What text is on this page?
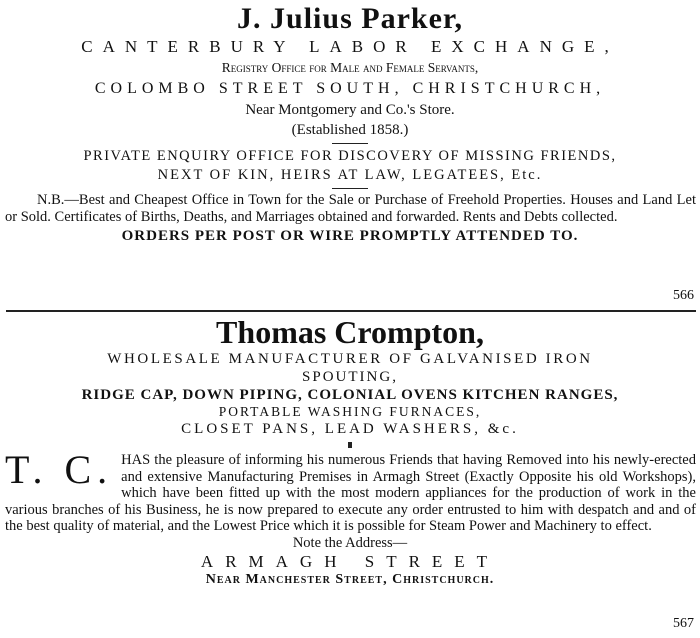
J. Julius Parker,
CANTERBURY LABOR EXCHANGE,
Registry Office for Male and Female Servants,
COLOMBO STREET SOUTH, CHRISTCHURCH,
Near Montgomery and Co.'s Store.
(Established 1858.)
PRIVATE ENQUIRY OFFICE FOR DISCOVERY OF MISSING FRIENDS,
NEXT OF KIN, HEIRS AT LAW, LEGATEES, Etc.
N.B.—Best and Cheapest Office in Town for the Sale or Purchase of Freehold Properties. Houses and Land Let or Sold. Certificates of Births, Deaths, and Marriages obtained and forwarded. Rents and Debts collected.
ORDERS PER POST OR WIRE PROMPTLY ATTENDED TO.
566
Thomas Crompton,
WHOLESALE MANUFACTURER OF GALVANISED IRON
SPOUTING,
RIDGE CAP, DOWN PIPING, COLONIAL OVENS KITCHEN RANGES,
PORTABLE WASHING FURNACES,
CLOSET PANS, LEAD WASHERS, &c.
T. C. HAS the pleasure of informing his numerous Friends that having Removed into his newly-erected and extensive Manufacturing Premises in Armagh Street (Exactly Opposite his old Workshops), which have been fitted up with the most modern appliances for the production of work in the various branches of his Business, he is now prepared to execute any order entrusted to him with despatch and and of the best quality of material, and the Lowest Price which it is possible for Steam Power and Machinery to effect.
Note the Address—
ARMAGH STREET
Near Manchester Street, Christchurch.
567
